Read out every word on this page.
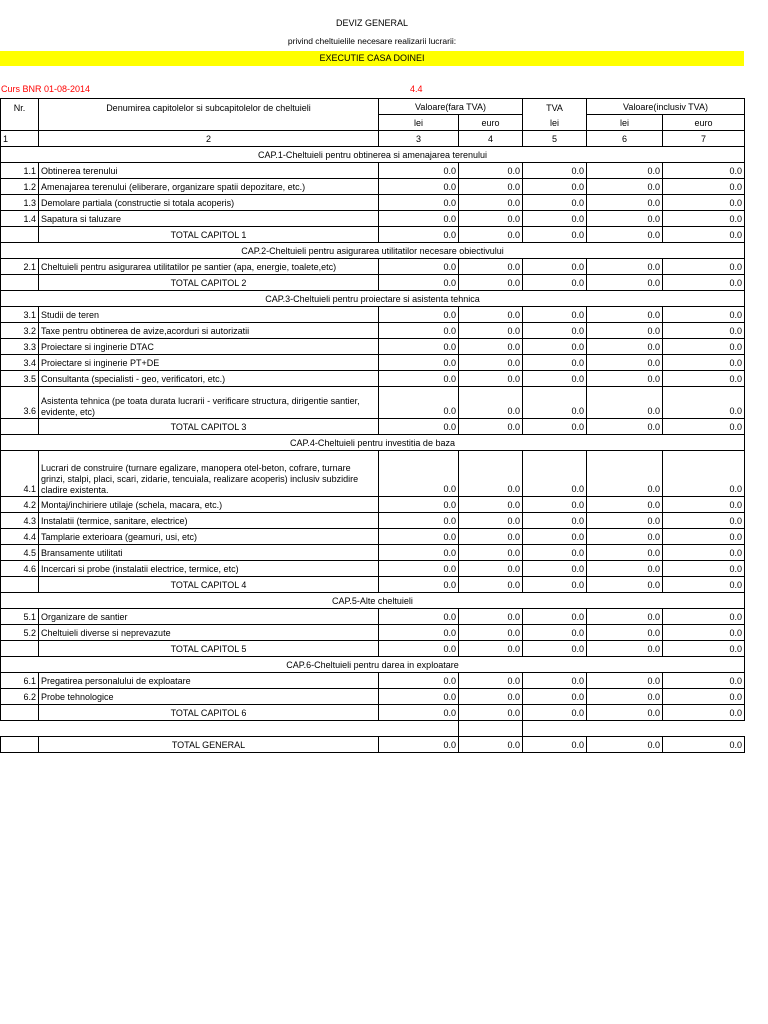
DEVIZ GENERAL
privind cheltuielile necesare realizarii lucrarii:
EXECUTIE CASA DOINEI
Curs BNR 01-08-2014	4.4
Nr.	Denumirea capitolelor si subcapitolelor de cheltuieli	Valoare(fara TVA)		TVA	Valoare(inclusiv TVA)	
		lei	euro	lei	lei	euro
1	2	3	4	5	6	7
CAP.1-Cheltuieli pentru obtinerea si amenajarea terenului						
1.1	Obtinerea terenului	0.0	0.0	0.0	0.0	0.0
1.2	Amenajarea terenului (eliberare, organizare spatii depozitare, etc.)	0.0	0.0	0.0	0.0	0.0
1.3	Demolare partiala (constructie si totala acoperis)	0.0	0.0	0.0	0.0	0.0
1.4	Sapatura si taluzare	0.0	0.0	0.0	0.0	0.0
	TOTAL CAPITOL 1	0.0	0.0	0.0	0.0	0.0
CAP.2-Cheltuieli pentru asigurarea utilitatilor necesare obiectivului						
2.1	Cheltuieli pentru asigurarea utilitatilor pe santier (apa, energie, toalete,etc)	0.0	0.0	0.0	0.0	0.0
	TOTAL CAPITOL 2	0.0	0.0	0.0	0.0	0.0
CAP.3-Cheltuieli pentru proiectare si asistenta tehnica						
3.1	Studii de teren	0.0	0.0	0.0	0.0	0.0
3.2	Taxe pentru obtinerea de avize,acorduri si autorizatii	0.0	0.0	0.0	0.0	0.0
3.3	Proiectare si inginerie DTAC	0.0	0.0	0.0	0.0	0.0
3.4	Proiectare si inginerie PT+DE	0.0	0.0	0.0	0.0	0.0
3.5	Consultanta (specialisti - geo, verificatori, etc.)	0.0	0.0	0.0	0.0	0.0
3.6	Asistenta tehnica (pe toata durata lucrarii - verificare structura, dirigentie santier, evidente, etc)	0.0	0.0	0.0	0.0	0.0
	TOTAL CAPITOL 3	0.0	0.0	0.0	0.0	0.0
CAP.4-Cheltuieli pentru investitia de baza						
4.1	Lucrari de construire (turnare egalizare, manopera otel-beton, cofrare, turnare grinzi, stalpi, placi, scari, zidarie, tencuiala, realizare acoperis) inclusiv subzidire cladire existenta.	0.0	0.0	0.0	0.0	0.0
4.2	Montaj/inchiriere utilaje (schela, macara, etc.)	0.0	0.0	0.0	0.0	0.0
4.3	Instalatii (termice, sanitare, electrice)	0.0	0.0	0.0	0.0	0.0
4.4	Tamplarie exterioara (geamuri, usi, etc)	0.0	0.0	0.0	0.0	0.0
4.5	Bransamente utilitati	0.0	0.0	0.0	0.0	0.0
4.6	Incercari si probe (instalatii electrice, termice, etc)	0.0	0.0	0.0	0.0	0.0
	TOTAL CAPITOL 4	0.0	0.0	0.0	0.0	0.0
CAP.5-Alte cheltuieli						
5.1	Organizare de santier	0.0	0.0	0.0	0.0	0.0
5.2	Cheltuieli diverse si neprevazute	0.0	0.0	0.0	0.0	0.0
	TOTAL CAPITOL 5	0.0	0.0	0.0	0.0	0.0
CAP.6-Cheltuieli pentru darea in exploatare						
6.1	Pregatirea personalului de exploatare	0.0	0.0	0.0	0.0	0.0
6.2	Probe tehnologice	0.0	0.0	0.0	0.0	0.0
	TOTAL CAPITOL 6	0.0	0.0	0.0	0.0	0.0

	TOTAL GENERAL	0.0	0.0	0.0	0.0	0.0
